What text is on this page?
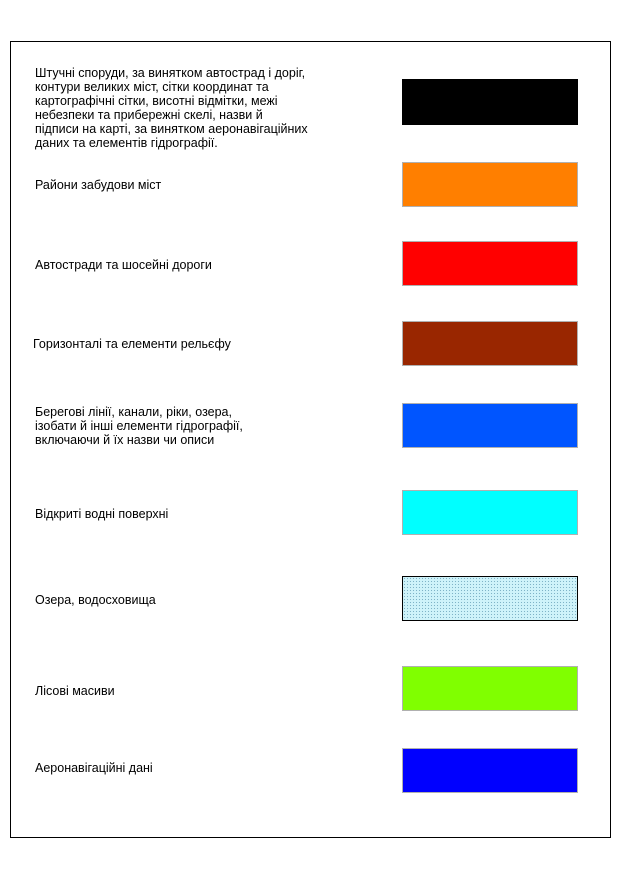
Штучні споруди, за винятком автострад і доріг,
контури великих міст, сітки координат та
картографічні сітки, висотні відмітки, межі
небезпеки та прибережні скелі, назви й
підписи на карті, за винятком аеронавігаційних
даних та елементів гідрографії.
Райони забудови міст
Автостради та шосейні дороги
Горизонталі та елементи рельєфу
Берегові лінії, канали, ріки, озера,
ізобати й інші елементи гідрографії,
включаючи й їх назви чи описи
Відкриті водні поверхні
Озера, водосховища
Лісові масиви
Аеронавігаційні дані
